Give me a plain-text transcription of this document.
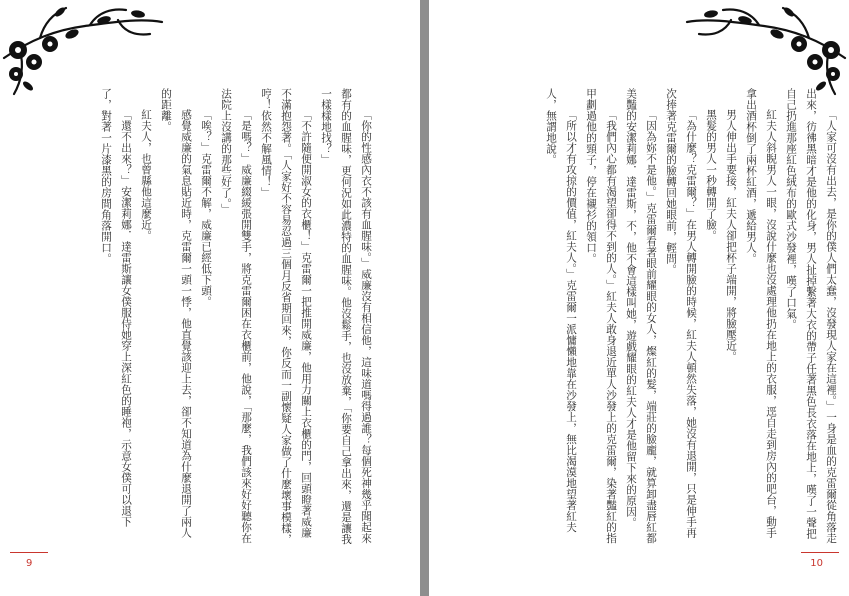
「你的性感內衣不該有血腥味。」威廉沒有相信他，這味道嗎得過誰？每個死神幾乎聞起來都有的血腥味，更何況如此濃特的血腥味。他沒鬆手，也沒放棄，「你要自己拿出來，還是讓我一樣樣地找？」

「不許隨便開淑女的衣櫃！」克雷爾一把推開威廉，他用力關上衣櫃的門，回頭瞪著威廉不滿抱怨著。「人家好不容易忍過三個月反省期回來，你反而一副懷疑人家做了什麼壞事模樣，哼！依然不解風情！」

「是嗎？」威廉綴緩張開雙手，將克雷爾困在衣櫃前，他說，「那麼，我們該來好好聽你在法院上沒講的那些好了。」

「唉？」克雷爾不解，威廉已經低下頭。

感覺威廉的氣息貼近時，克雷爾一頭一悸，他直覺該迎上去，卻不知道為什麼退開了兩人的距離。

紅夫人，也曾縣他這麼近。

「還不出來？」安潔莉娜．達雷斯讓女僕服侍她穿上深紅色的睡袍，示意女僕可以退下了，對著一片漆黑的房間角落開口。

9

「人家可沒有出去，是你的僕人們太蠢，沒發現人家在這裡。」一身是血的克雷爾從角落走出來，彷彿黑暗才是他的化身，男人扯掉繫著大衣的帶子任著黑色長衣落在地上，嘆了一聲把自己扔進那座紅色絨布的歐式沙發裡，嘆了口氣。

紅夫人斜睨男人一眼，沒說什麼也沒處理他扔在地上的衣服，逕自走到房內的吧台，動手拿出酒杯倒了兩杯紅酒，遞給男人。

男人伸出手要接，紅夫人卻把杯子端開，將臉壓近。

黑髮的男人一秒轉開了臉。

「為什麼？克雷爾？」在男人轉開臉的時候，紅夫人頓然失落，她沒有退開，只是伸手再次捧著克雷爾的臉轉回她眼前，輕問。

「因為妳不是他。」克雷爾看著眼前耀眼的女人，燦紅的髮，端莊的臉龐，就算卸盡唇紅都美豔的安潔莉娜．達雷斯，不，他不會這樣叫她，遊戲耀眼的紅夫人才是他留下來的原因。

「我們內心都有渴望卻得不到的人。」紅夫人敢身退近單人沙發上的克雷爾，染著豔紅的指甲劃過他的頸子，停在襯衫的領口。

「所以才有攻掠的價值，紅夫人。」克雷爾一派慵懶地靠在沙發上，無比渴漠地望著紅夫人，無謂地說。

10
